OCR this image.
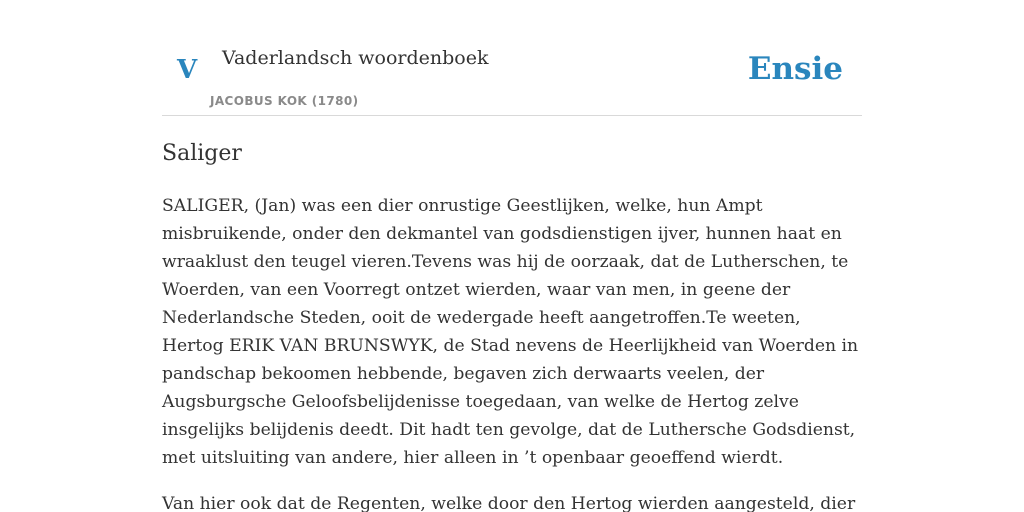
V Vaderlandsch woordenboek
JACOBUS KOK (1780)
Ensie
Saliger

SALIGER, (Jan) was een dier onrustige Geestlijken, welke, hun Ampt misbruikende, onder den dekmantel van godsdienstigen ijver, hunnen haat en wraaklust den teugel vieren.Tevens was hij de oorzaak, dat de Lutherschen, te Woerden, van een Voorregt ontzet wierden, waar van men, in geene der Nederlandsche Steden, ooit de wedergade heeft aangetroffen.Te weeten, Hertog ERIK VAN BRUNSWYK, de Stad nevens de Heerlijkheid van Woerden in pandschap bekoomen hebbende, begaven zich derwaarts veelen, der Augsburgsche Geloofsbelijdenisse toegedaan, van welke de Hertog zelve insgelijks belijdenis deedt. Dit hadt ten gevolge, dat de Luthersche Godsdienst, met uitsluiting van andere, hier alleen in ’t openbaar geoeffend wierdt.

Van hier ook dat de Regenten, welke door den Hertog wierden aangesteld, dier
